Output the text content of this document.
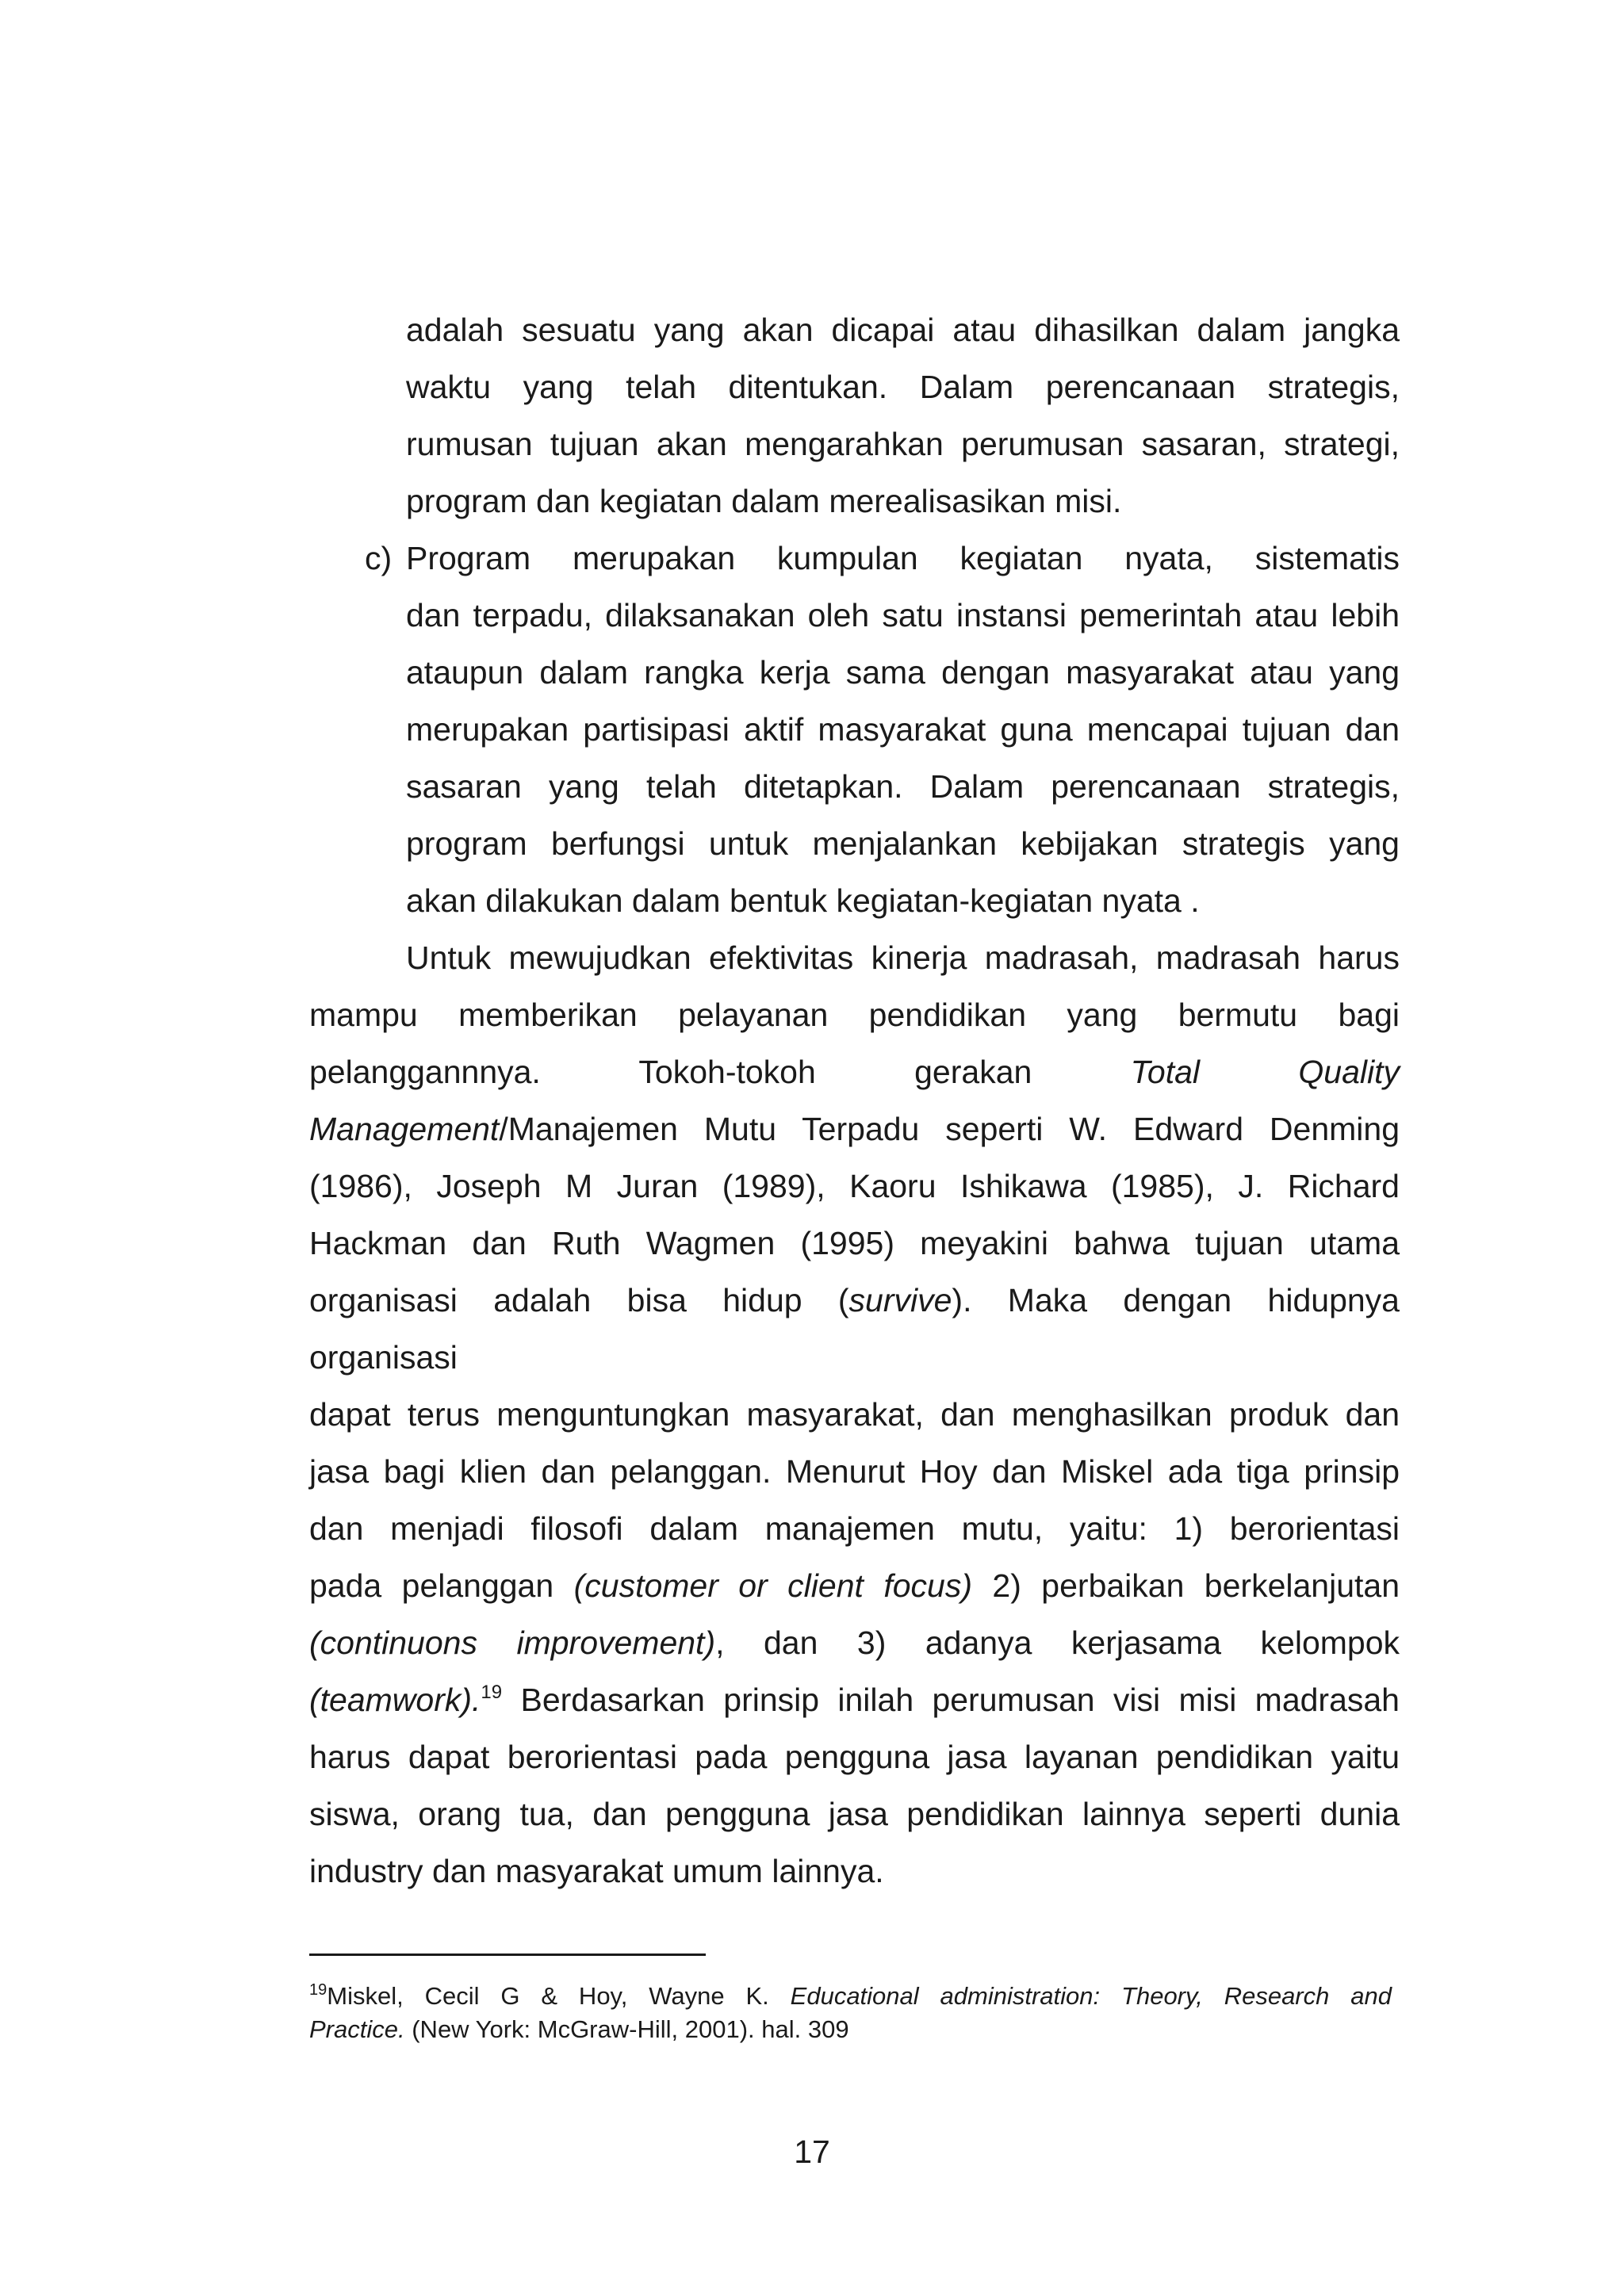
adalah sesuatu yang akan dicapai atau dihasilkan dalam jangka
waktu yang telah ditentukan. Dalam perencanaan strategis,
rumusan tujuan akan mengarahkan perumusan sasaran, strategi,
program dan kegiatan dalam merealisasikan misi.
c) Program merupakan kumpulan kegiatan nyata, sistematis
dan terpadu, dilaksanakan oleh satu instansi pemerintah atau lebih
ataupun dalam rangka kerja sama dengan masyarakat atau yang
merupakan partisipasi aktif masyarakat guna mencapai tujuan dan
sasaran yang telah ditetapkan. Dalam perencanaan strategis,
program berfungsi untuk menjalankan kebijakan strategis yang
akan dilakukan dalam bentuk kegiatan-kegiatan nyata .
Untuk mewujudkan efektivitas kinerja madrasah, madrasah harus
mampu memberikan pelayanan pendidikan yang bermutu bagi
pelanggannnya. Tokoh-tokoh gerakan	Total Quality
Management/Manajemen Mutu Terpadu seperti W. Edward Denming
(1986), Joseph M Juran (1989), Kaoru Ishikawa (1985), J. Richard
Hackman dan Ruth Wagmen (1995) meyakini bahwa tujuan utama
organisasi adalah bisa hidup (survive). Maka dengan hidupnya
organisasi
dapat terus menguntungkan masyarakat, dan menghasilkan produk dan
jasa bagi klien dan pelanggan. Menurut Hoy dan Miskel ada tiga prinsip
dan menjadi filosofi dalam manajemen mutu, yaitu: 1) berorientasi
pada pelanggan (customer or client focus) 2) perbaikan berkelanjutan
(continuons improvement), dan 3) adanya kerjasama kelompok
(teamwork).$^{19}$ Berdasarkan prinsip inilah perumusan visi misi madrasah
harus dapat berorientasi pada pengguna jasa layanan pendidikan yaitu
siswa, orang tua, dan pengguna jasa pendidikan lainnya seperti dunia
industry dan masyarakat umum lainnya.
$^{19}$Miskel, Cecil G & Hoy, Wayne K. Educational administration: Theory, Research and
Practice. (New York: McGraw-Hill, 2001). hal. 309
17
